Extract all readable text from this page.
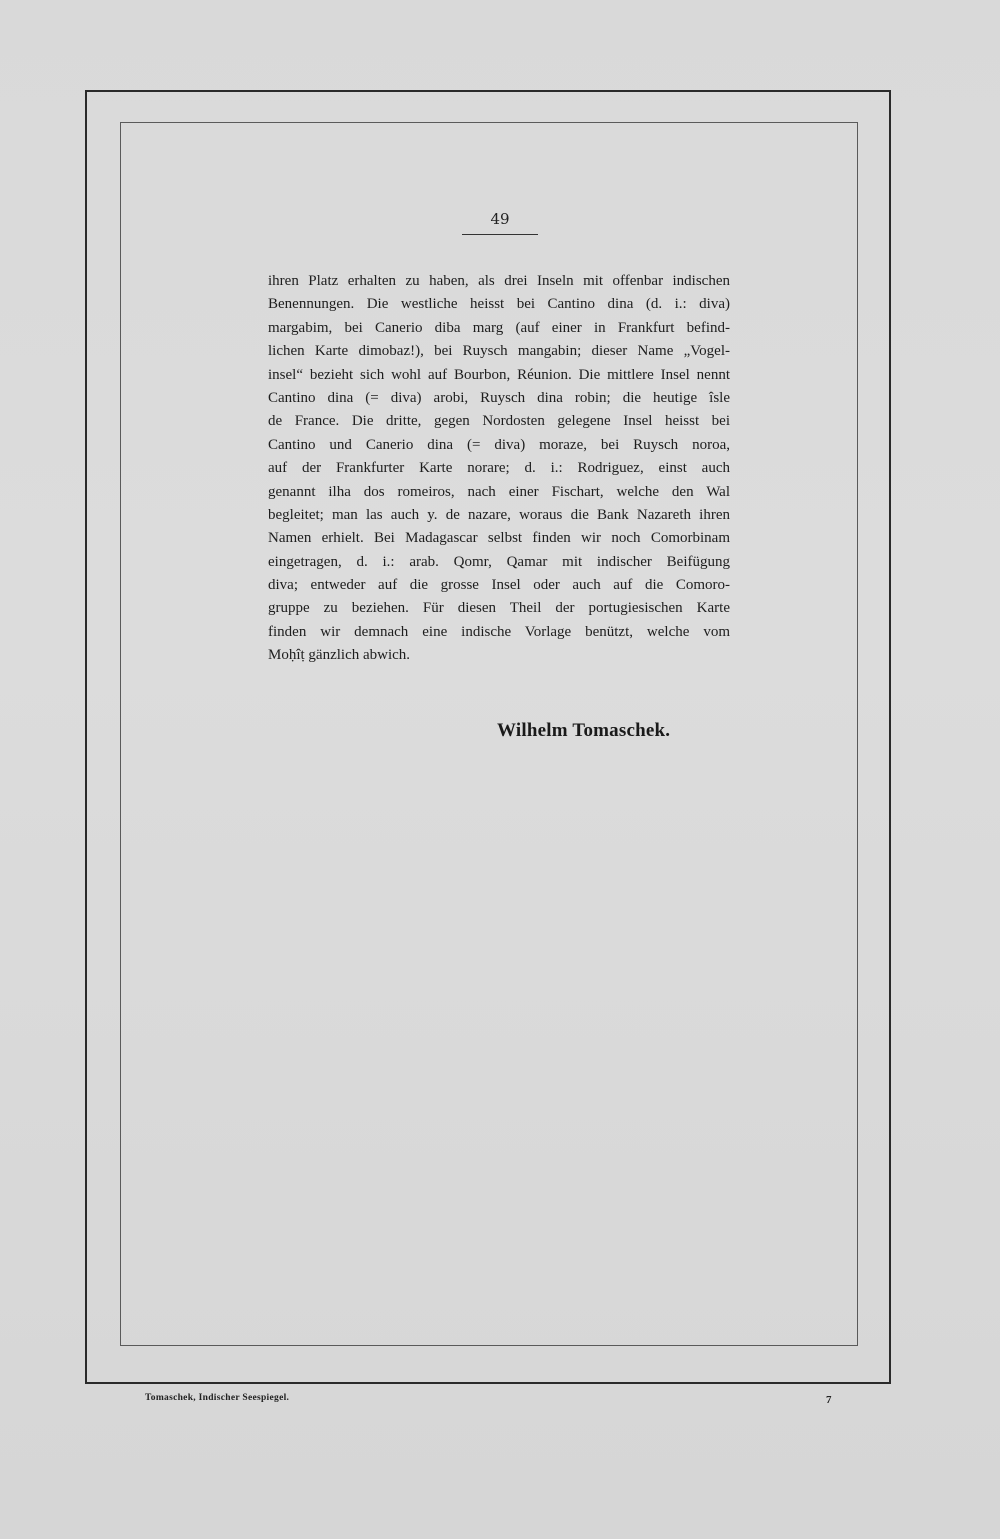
49
ihren Platz erhalten zu haben, als drei Inseln mit offenbar indischen
Benennungen. Die westliche heisst bei Cantino dina (d. i.: diva)
margabim, bei Canerio diba marg (auf einer in Frankfurt befind-
lichen Karte dimobaz!), bei Ruysch mangabin; dieser Name „Vogel-
insel“ bezieht sich wohl auf Bourbon, Réunion. Die mittlere Insel nennt
Cantino dina (= diva) arobi, Ruysch dina robin; die heutige îsle
de France. Die dritte, gegen Nordosten gelegene Insel heisst bei
Cantino und Canerio dina (= diva) moraze, bei Ruysch noroa,
auf der Frankfurter Karte norare; d. i.: Rodriguez, einst auch
genannt ilha dos romeiros, nach einer Fischart, welche den Wal
begleitet; man las auch y. de nazare, woraus die Bank Nazareth ihren
Namen erhielt. Bei Madagascar selbst finden wir noch Comorbinam
eingetragen, d. i.: arab. Qomr, Qamar mit indischer Beifügung
diva; entweder auf die grosse Insel oder auch auf die Comoro-
gruppe zu beziehen. Für diesen Theil der portugiesischen Karte
finden wir demnach eine indische Vorlage benützt, welche vom
Moḥîṭ gänzlich abwich.
Wilhelm Tomaschek.
Tomaschek, Indischer Seespiegel.	7
